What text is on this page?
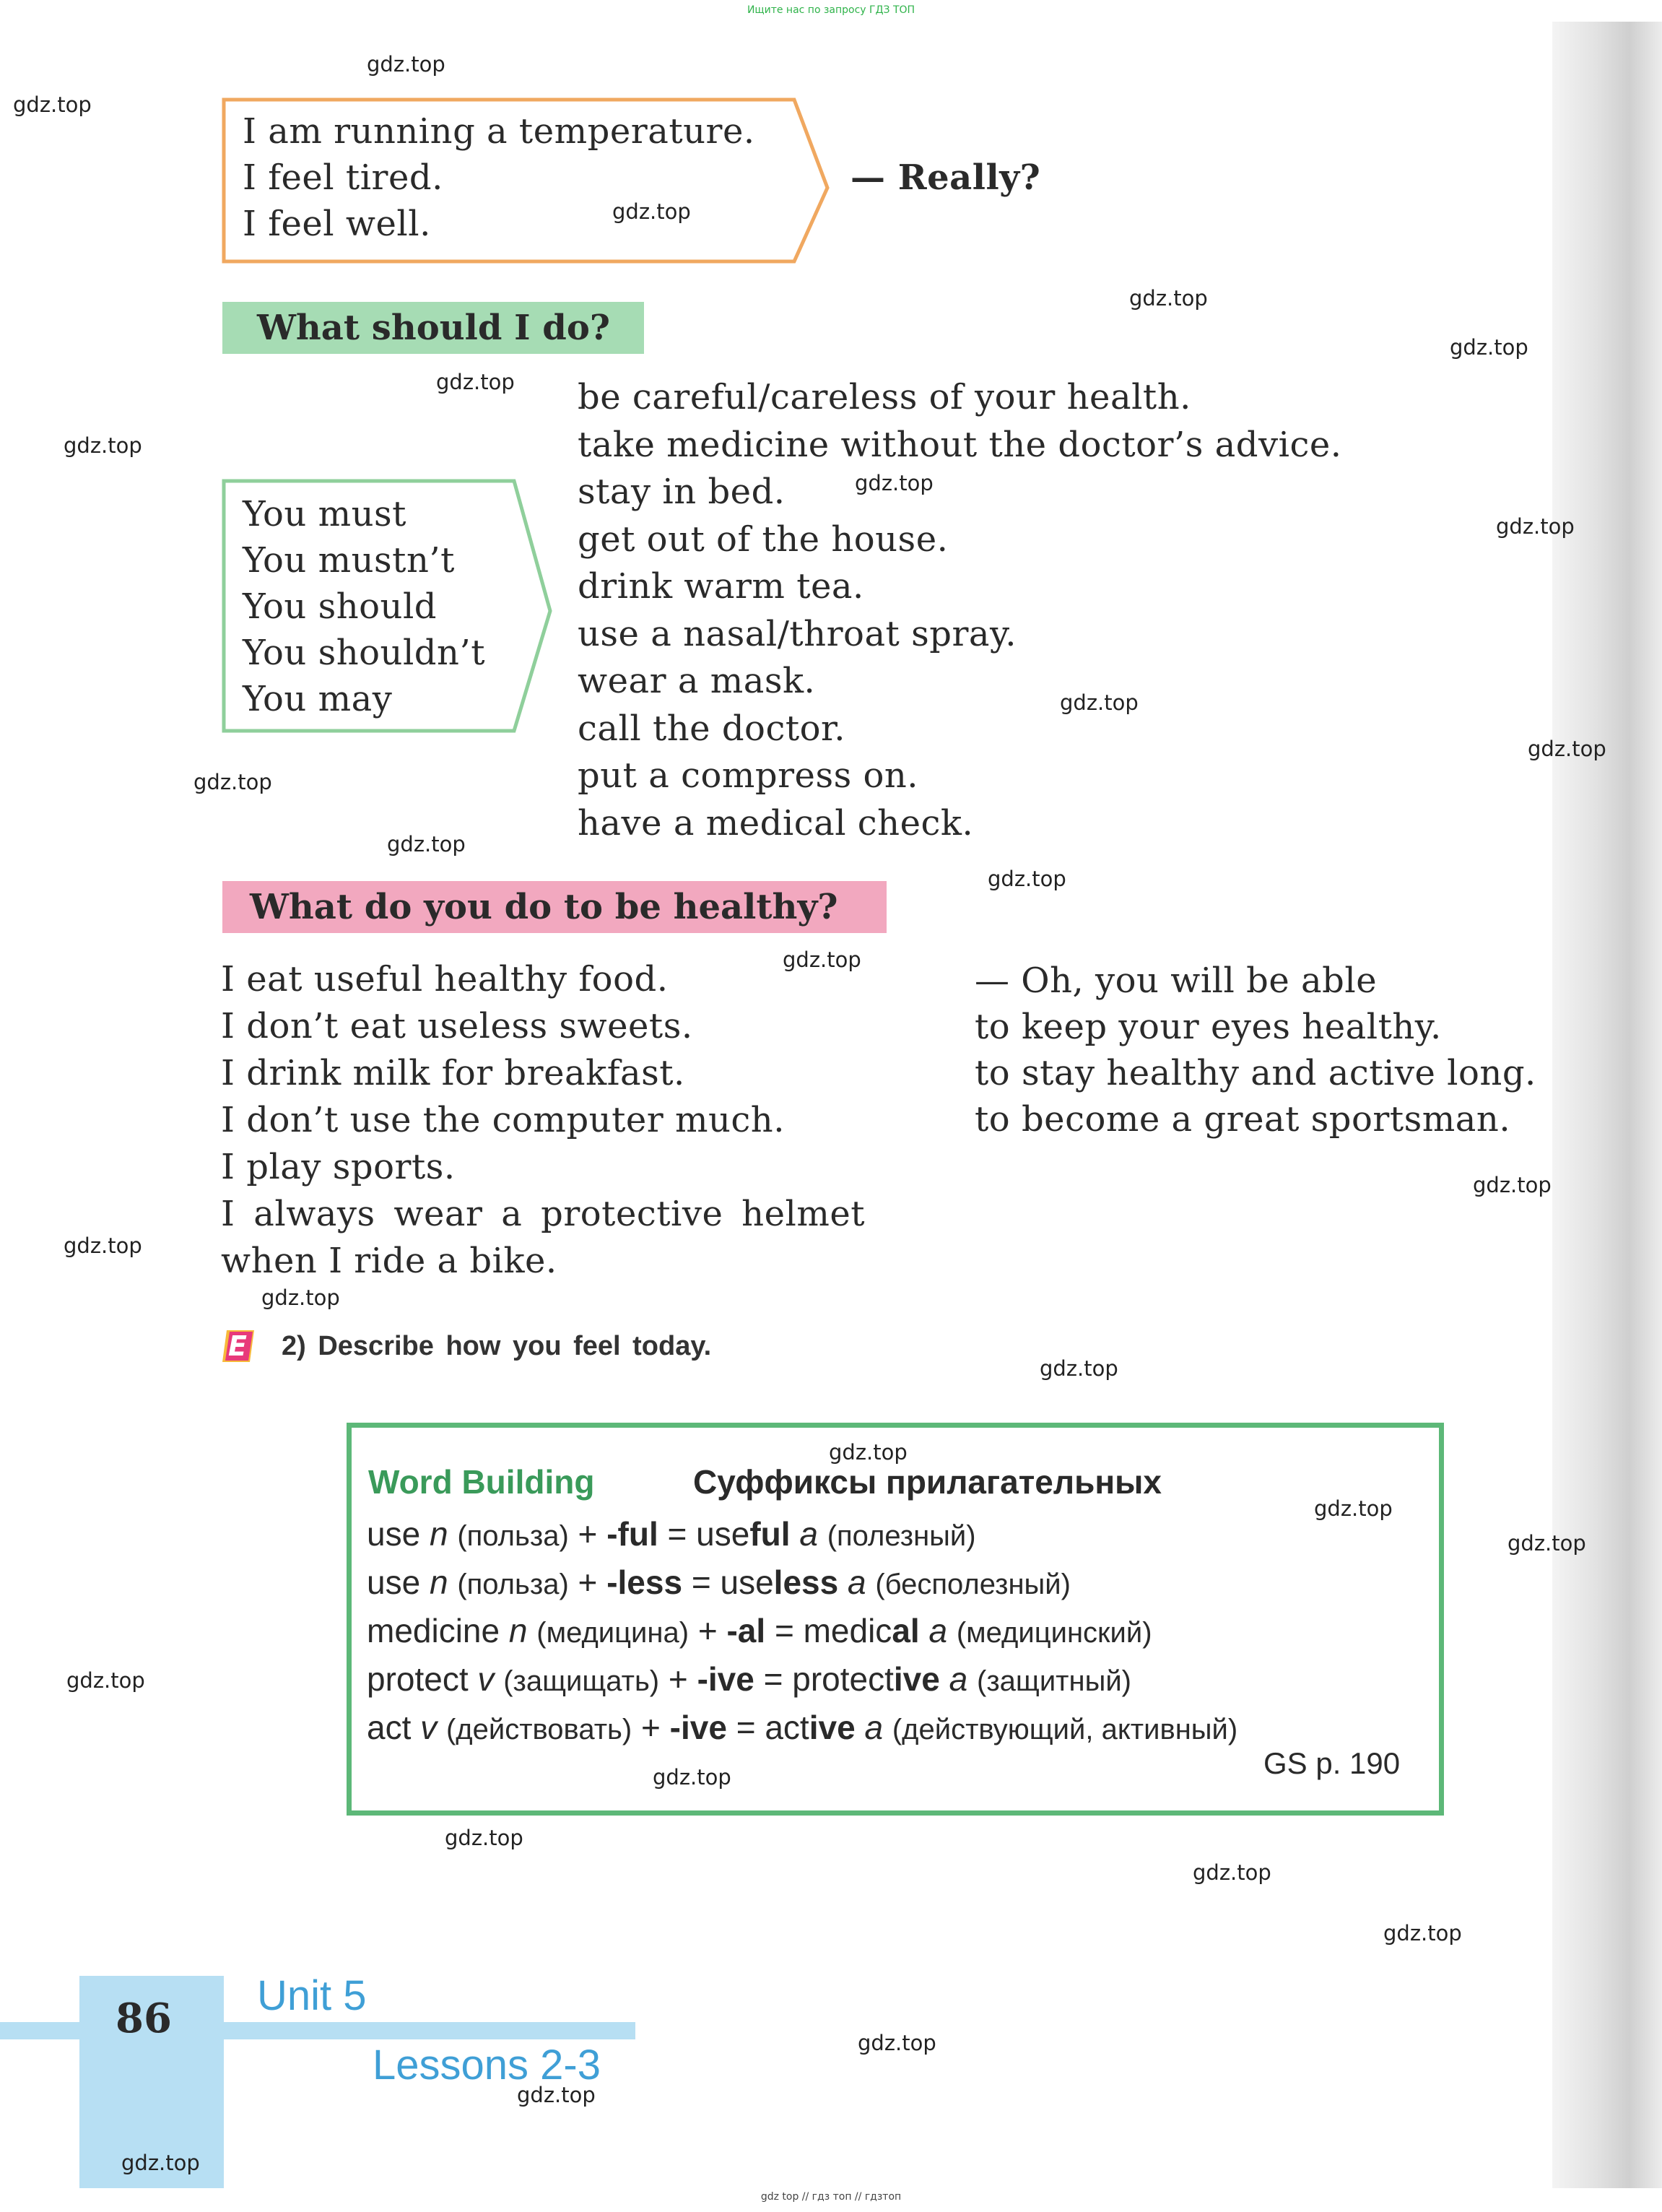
Ищите нас по запросу ГДЗ ТОП
gdz top // гдз топ // гдзтоп
I am running a temperature.
I feel tired.
I feel well.
— Really?
What should I do?
You must
You mustn’t
You should
You shouldn’t
You may
be careful/careless of your health.
take medicine without the doctor’s advice.
stay in bed.
get out of the house.
drink warm tea.
use a nasal/throat spray.
wear a mask.
call the doctor.
put a compress on.
have a medical check.
What do you do to be healthy?
I eat useful healthy food.
I don’t eat useless sweets.
I drink milk for breakfast.
I don’t use the computer much.
I play sports.
I always wear a protective helmet
when I ride a bike.
— Oh, you will be able
to keep your eyes healthy.
to stay healthy and active long.
to become a great sportsman.
E 2) Describe how you feel today.
Word Building	Суффиксы прилагательных
use n (польза) + -ful = useful a (полезный)
use n (польза) + -less = useless a (бесполезный)
medicine n (медицина) + -al = medical a (медицинский)
protect v (защищать) + -ive = protective a (защитный)
act v (действовать) + -ive = active a (действующий, активный)
GS p. 190
86 Unit 5
Lessons 2-3
gdz.top
gdz.top
gdz.top
gdz.top
gdz.top
gdz.top
gdz.top
gdz.top
gdz.top
gdz.top
gdz.top
gdz.top
gdz.top
gdz.top
gdz.top
gdz.top
gdz.top
gdz.top
gdz.top
gdz.top
gdz.top
gdz.top
gdz.top
gdz.top
gdz.top
gdz.top
gdz.top
gdz.top
gdz.top
gdz.top
